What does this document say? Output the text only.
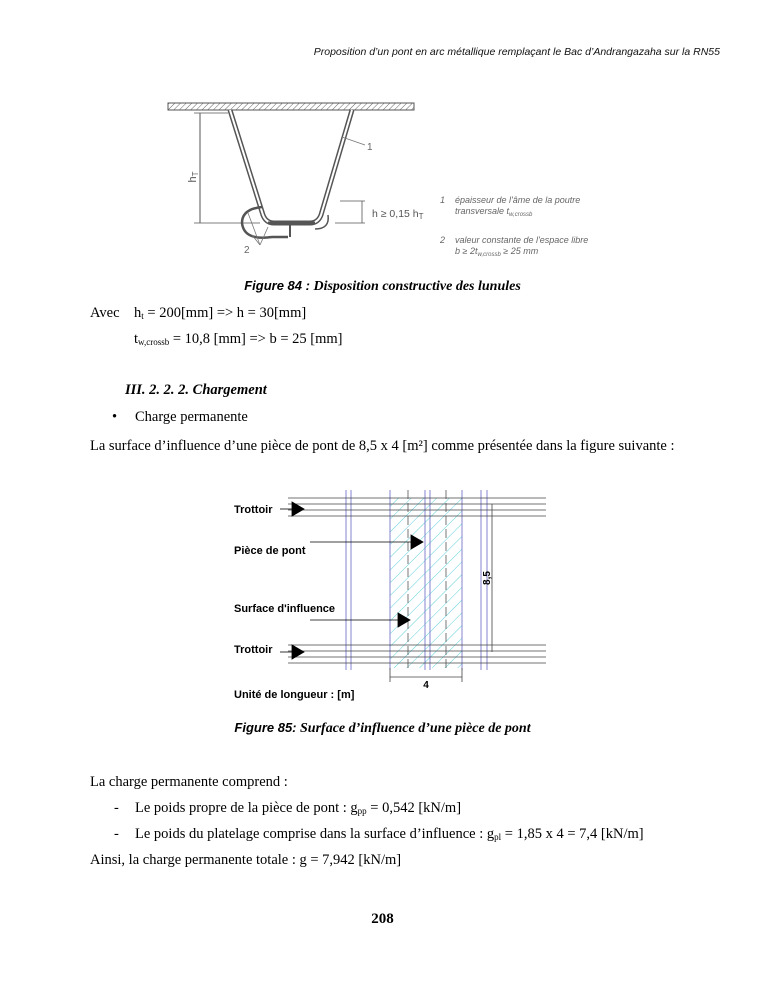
Proposition d’un pont en arc métallique remplaçant le Bac d’Andrangazaha sur la RN55
hT
h ≥ 0,15 hT
1
2
1 épaisseur de l'âme de la poutre
transversale $t_{w,crossb}$
2 valeur constante de l'espace libre
$b \ge 2t_{w,crossb} \ge 25$ mm
Figure 84 : Disposition constructive des lunules
Avec $h_t = 200[mm] => h = 30[mm]$
$t_{w,crossb} = 10,8$ [mm] => b = 25 [mm]
III. 2. 2. 2. Chargement
• Charge permanente
La surface d’influence d’une pièce de pont de 8,5 x 4 [m²] comme présentée dans la figure suivante :
4
8,5
Trottoir
Pièce de pont
Surface d'influence
Trottoir
Unité de longueur : [m]
Figure 85: Surface d’influence d’une pièce de pont
La charge permanente comprend :
- Le poids propre de la pièce de pont : $g_{pp} = 0,542$ [kN/m]
- Le poids du platelage comprise dans la surface d’influence : $g_{pl} = 1,85$ x 4 = 7,4 [kN/m]
Ainsi, la charge permanente totale : g = 7,942 [kN/m]
208
